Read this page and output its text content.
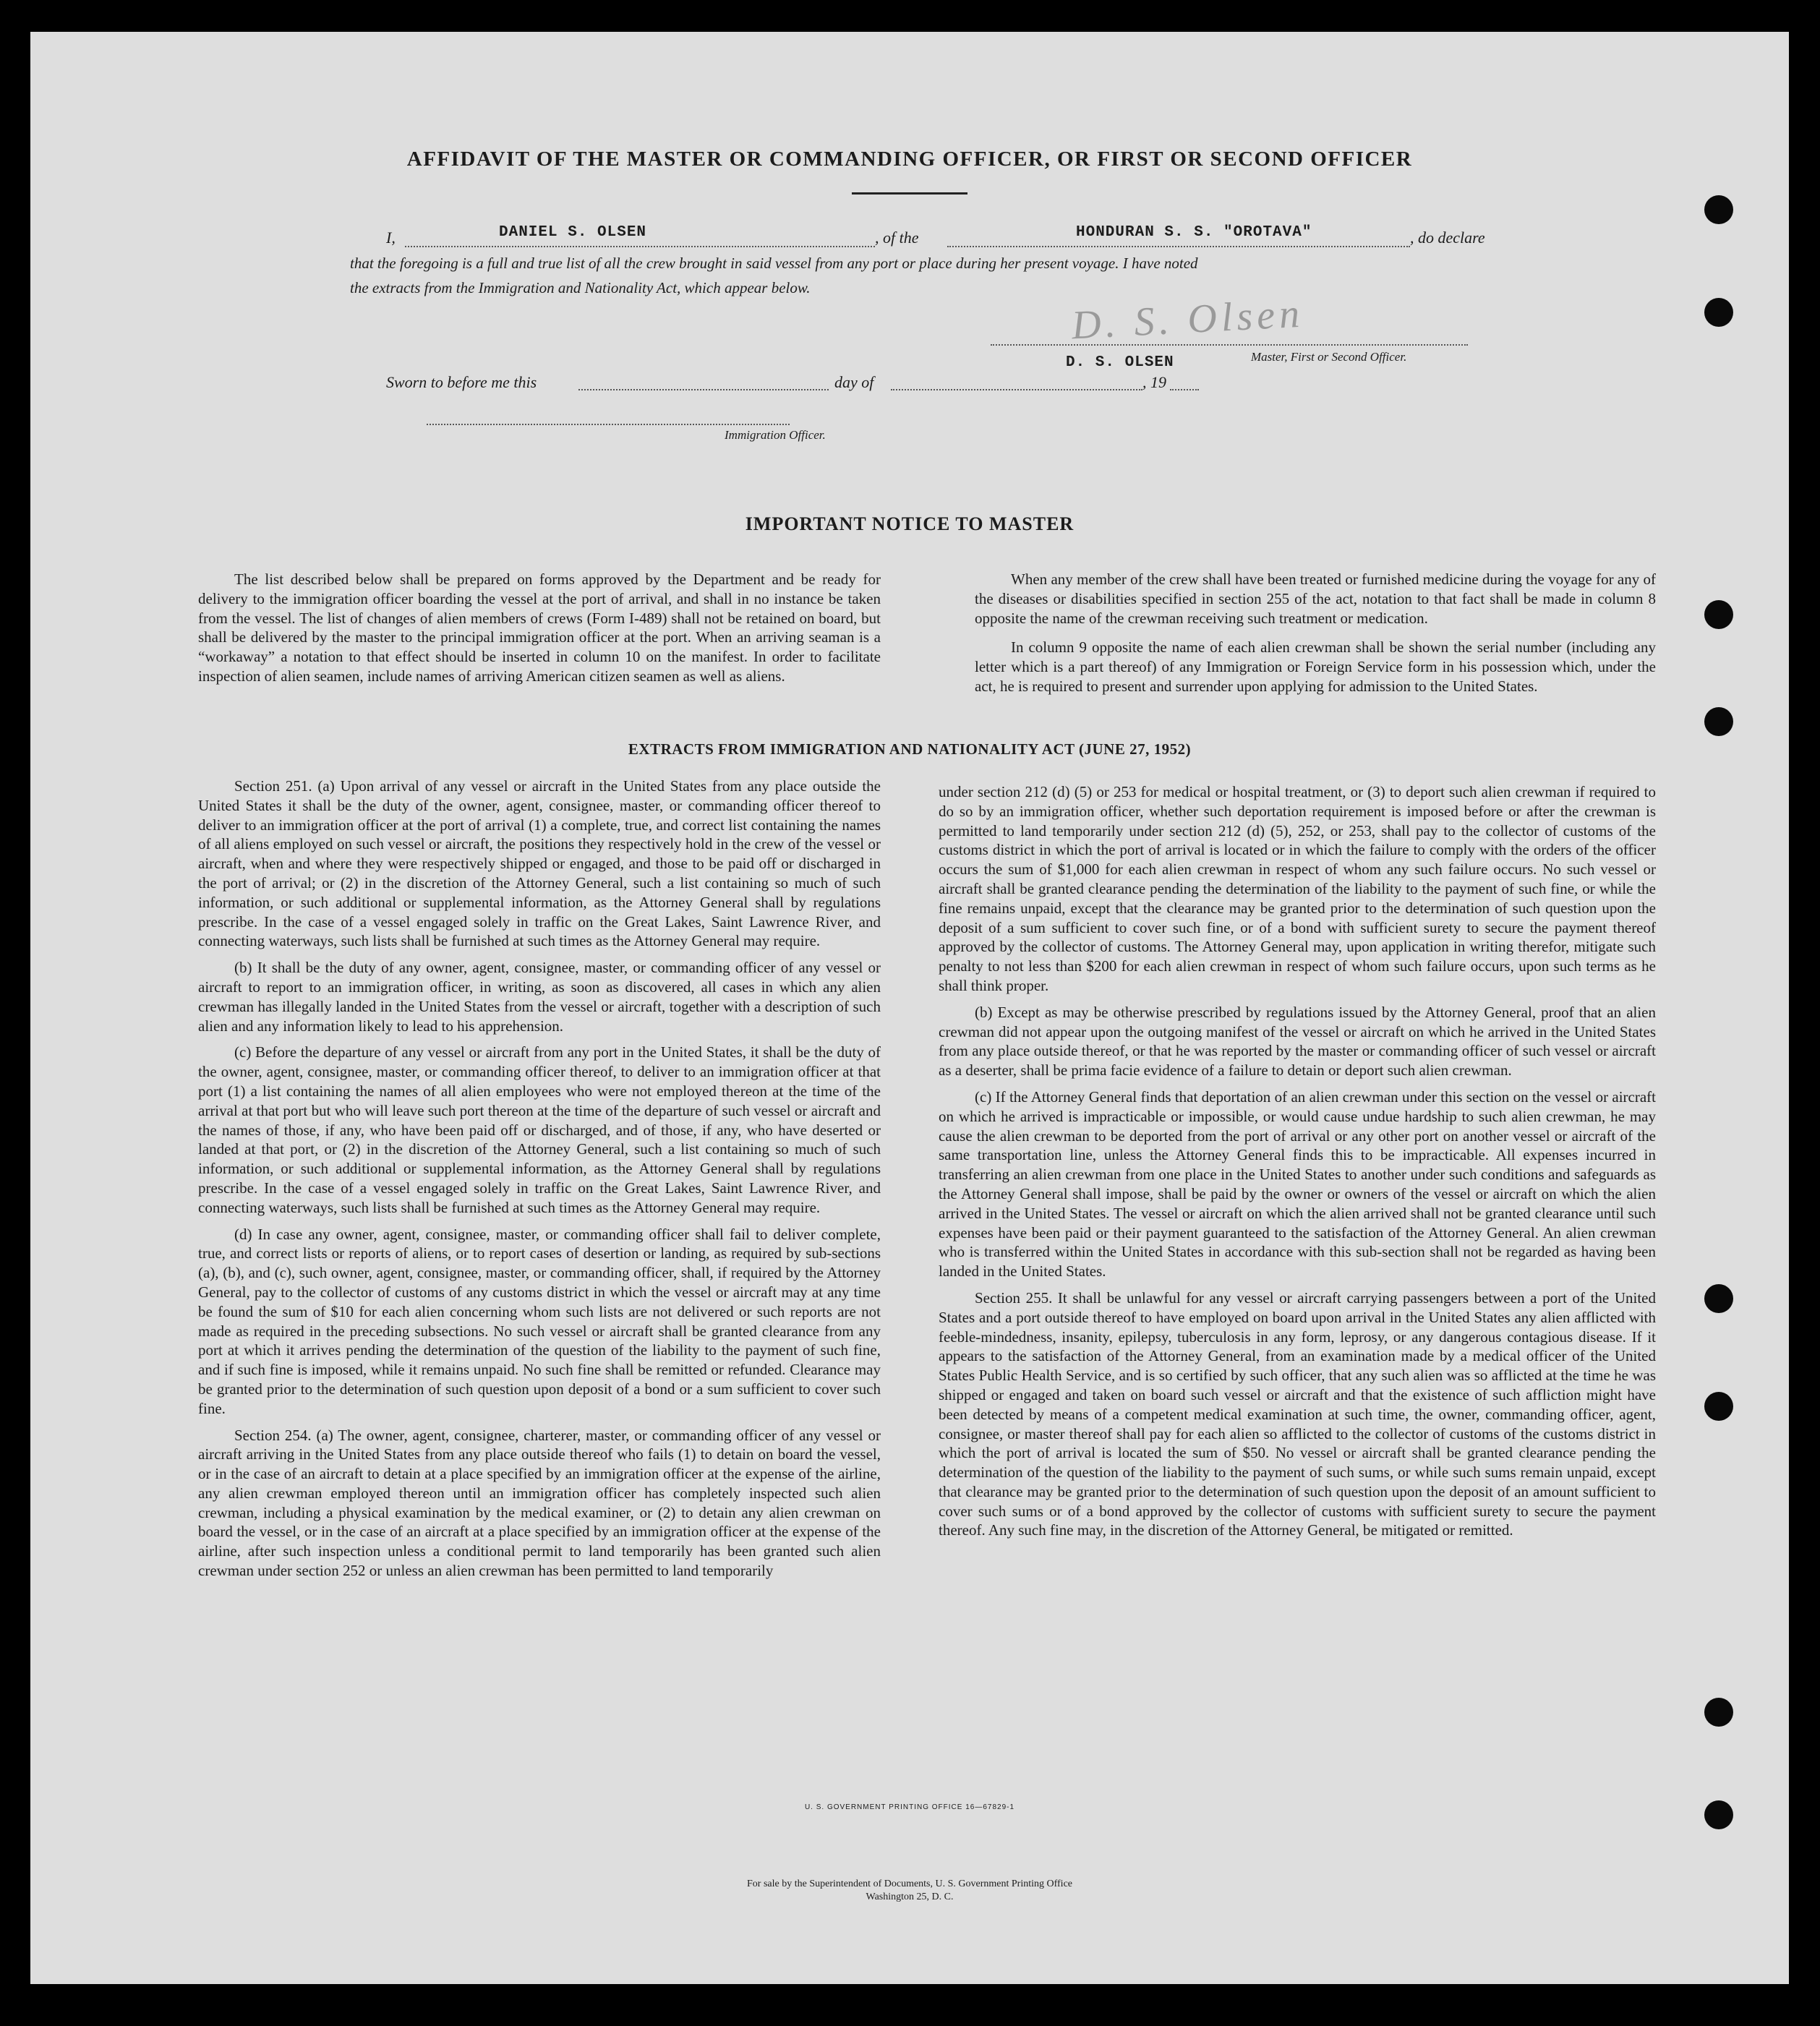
AFFIDAVIT OF THE MASTER OR COMMANDING OFFICER, OR FIRST OR SECOND OFFICER
I,	DANIEL S. OLSEN	, of the	HONDURAN S. S. "OROTAVA"	, do declare
that the foregoing is a full and true list of all the crew brought in said vessel from any port or place during her present voyage. I have noted
the extracts from the Immigration and Nationality Act, which appear below.
D. S. Olsen
D. S. OLSEN	Master, First or Second Officer.
Sworn to before me this	day of	, 19
Immigration Officer.
IMPORTANT NOTICE TO MASTER

The list described below shall be prepared on forms approved by the Department and be ready for delivery to the immigration officer boarding the vessel at the port of arrival, and shall in no instance be taken from the vessel. The list of changes of alien members of crews (Form I-489) shall not be retained on board, but shall be delivered by the master to the principal immigration officer at the port. When an arriving seaman is a “workaway” a notation to that effect should be inserted in column 10 on the manifest. In order to facilitate inspection of alien seamen, include names of arriving American citizen seamen as well as aliens.

When any member of the crew shall have been treated or furnished medicine during the voyage for any of the diseases or disabilities specified in section 255 of the act, notation to that fact shall be made in column 8 opposite the name of the crewman receiving such treatment or medication.

In column 9 opposite the name of each alien crewman shall be shown the serial number (including any letter which is a part thereof) of any Immigration or Foreign Service form in his possession which, under the act, he is required to present and surrender upon applying for admission to the United States.

EXTRACTS FROM IMMIGRATION AND NATIONALITY ACT (JUNE 27, 1952)

Section 251. (a) Upon arrival of any vessel or aircraft in the United States from any place outside the United States it shall be the duty of the owner, agent, consignee, master, or commanding officer thereof to deliver to an immigration officer at the port of arrival (1) a complete, true, and correct list containing the names of all aliens employed on such vessel or aircraft, the positions they respectively hold in the crew of the vessel or aircraft, when and where they were respectively shipped or engaged, and those to be paid off or discharged in the port of arrival; or (2) in the discretion of the Attorney General, such a list containing so much of such information, or such additional or supplemental information, as the Attorney General shall by regulations prescribe. In the case of a vessel engaged solely in traffic on the Great Lakes, Saint Lawrence River, and connecting waterways, such lists shall be furnished at such times as the Attorney General may require.

(b) It shall be the duty of any owner, agent, consignee, master, or commanding officer of any vessel or aircraft to report to an immigration officer, in writing, as soon as discovered, all cases in which any alien crewman has illegally landed in the United States from the vessel or aircraft, together with a description of such alien and any information likely to lead to his apprehension.

(c) Before the departure of any vessel or aircraft from any port in the United States, it shall be the duty of the owner, agent, consignee, master, or commanding officer thereof, to deliver to an immigration officer at that port (1) a list containing the names of all alien employees who were not employed thereon at the time of the arrival at that port but who will leave such port thereon at the time of the departure of such vessel or aircraft and the names of those, if any, who have been paid off or discharged, and of those, if any, who have deserted or landed at that port, or (2) in the discretion of the Attorney General, such a list containing so much of such information, or such additional or supplemental information, as the Attorney General shall by regulations prescribe. In the case of a vessel engaged solely in traffic on the Great Lakes, Saint Lawrence River, and connecting waterways, such lists shall be furnished at such times as the Attorney General may require.

(d) In case any owner, agent, consignee, master, or commanding officer shall fail to deliver complete, true, and correct lists or reports of aliens, or to report cases of desertion or landing, as required by sub-sections (a), (b), and (c), such owner, agent, consignee, master, or commanding officer, shall, if required by the Attorney General, pay to the collector of customs of any customs district in which the vessel or aircraft may at any time be found the sum of $10 for each alien concerning whom such lists are not delivered or such reports are not made as required in the preceding subsections. No such vessel or aircraft shall be granted clearance from any port at which it arrives pending the determination of the question of the liability to the payment of such fine, and if such fine is imposed, while it remains unpaid. No such fine shall be remitted or refunded. Clearance may be granted prior to the determination of such question upon deposit of a bond or a sum sufficient to cover such fine.

Section 254. (a) The owner, agent, consignee, charterer, master, or commanding officer of any vessel or aircraft arriving in the United States from any place outside thereof who fails (1) to detain on board the vessel, or in the case of an aircraft to detain at a place specified by an immigration officer at the expense of the airline, any alien crewman employed thereon until an immigration officer has completely inspected such alien crewman, including a physical examination by the medical examiner, or (2) to detain any alien crewman on board the vessel, or in the case of an aircraft at a place specified by an immigration officer at the expense of the airline, after such inspection unless a conditional permit to land temporarily has been granted such alien crewman under section 252 or unless an alien crewman has been permitted to land temporarily

under section 212 (d) (5) or 253 for medical or hospital treatment, or (3) to deport such alien crewman if required to do so by an immigration officer, whether such deportation requirement is imposed before or after the crewman is permitted to land temporarily under section 212 (d) (5), 252, or 253, shall pay to the collector of customs of the customs district in which the port of arrival is located or in which the failure to comply with the orders of the officer occurs the sum of $1,000 for each alien crewman in respect of whom any such failure occurs. No such vessel or aircraft shall be granted clearance pending the determination of the liability to the payment of such fine, or while the fine remains unpaid, except that the clearance may be granted prior to the determination of such question upon the deposit of a sum sufficient to cover such fine, or of a bond with sufficient surety to secure the payment thereof approved by the collector of customs. The Attorney General may, upon application in writing therefor, mitigate such penalty to not less than $200 for each alien crewman in respect of whom such failure occurs, upon such terms as he shall think proper.

(b) Except as may be otherwise prescribed by regulations issued by the Attorney General, proof that an alien crewman did not appear upon the outgoing manifest of the vessel or aircraft on which he arrived in the United States from any place outside thereof, or that he was reported by the master or commanding officer of such vessel or aircraft as a deserter, shall be prima facie evidence of a failure to detain or deport such alien crewman.

(c) If the Attorney General finds that deportation of an alien crewman under this section on the vessel or aircraft on which he arrived is impracticable or impossible, or would cause undue hardship to such alien crewman, he may cause the alien crewman to be deported from the port of arrival or any other port on another vessel or aircraft of the same transportation line, unless the Attorney General finds this to be impracticable. All expenses incurred in transferring an alien crewman from one place in the United States to another under such conditions and safeguards as the Attorney General shall impose, shall be paid by the owner or owners of the vessel or aircraft on which the alien arrived in the United States. The vessel or aircraft on which the alien arrived shall not be granted clearance until such expenses have been paid or their payment guaranteed to the satisfaction of the Attorney General. An alien crewman who is transferred within the United States in accordance with this sub-section shall not be regarded as having been landed in the United States.

Section 255. It shall be unlawful for any vessel or aircraft carrying passengers between a port of the United States and a port outside thereof to have employed on board upon arrival in the United States any alien afflicted with feeble-mindedness, insanity, epilepsy, tuberculosis in any form, leprosy, or any dangerous contagious disease. If it appears to the satisfaction of the Attorney General, from an examination made by a medical officer of the United States Public Health Service, and is so certified by such officer, that any such alien was so afflicted at the time he was shipped or engaged and taken on board such vessel or aircraft and that the existence of such affliction might have been detected by means of a competent medical examination at such time, the owner, commanding officer, agent, consignee, or master thereof shall pay for each alien so afflicted to the collector of customs of the customs district in which the port of arrival is located the sum of $50. No vessel or aircraft shall be granted clearance pending the determination of the question of the liability to the payment of such sums, or while such sums remain unpaid, except that clearance may be granted prior to the determination of such question upon the deposit of an amount sufficient to cover such sums or of a bond approved by the collector of customs with sufficient surety to secure the payment thereof. Any such fine may, in the discretion of the Attorney General, be mitigated or remitted.

U. S. GOVERNMENT PRINTING OFFICE 16—67829-1
For sale by the Superintendent of Documents, U. S. Government Printing Office
Washington 25, D. C.
